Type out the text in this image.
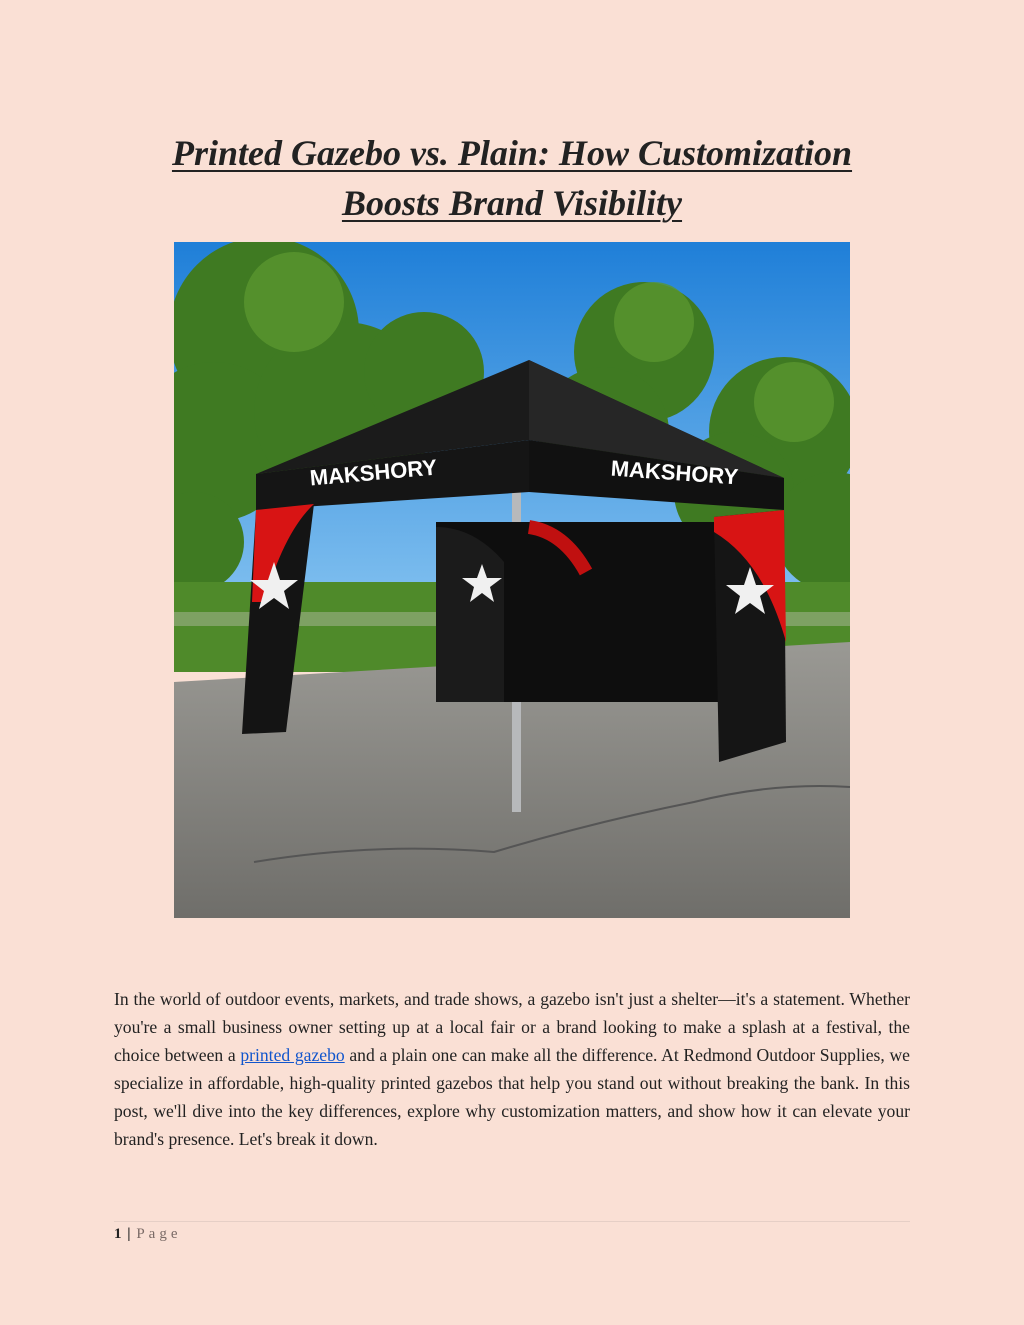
Printed Gazebo vs. Plain: How Customization
Boosts Brand Visibility
MAKSHORY	MAKSHORY
In the world of outdoor events, markets, and trade shows, a gazebo isn't just a shelter—it's a statement. Whether you're a small business owner setting up at a local fair or a brand looking to make a splash at a festival, the choice between a printed gazebo and a plain one can make all the difference. At Redmond Outdoor Supplies, we specialize in affordable, high-quality printed gazebos that help you stand out without breaking the bank. In this post, we'll dive into the key differences, explore why customization matters, and show how it can elevate your brand's presence. Let's break it down.
1 | Page
